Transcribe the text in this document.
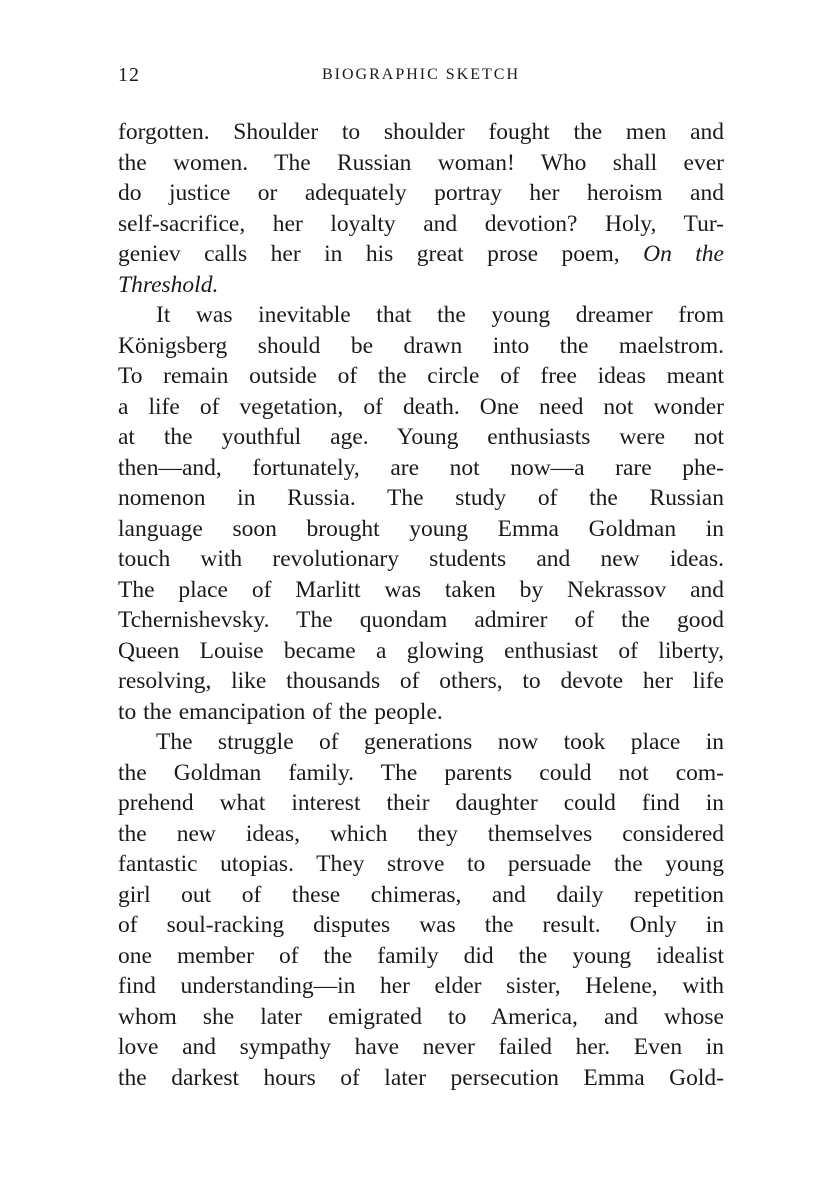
12	BIOGRAPHIC SKETCH
forgotten. Shoulder to shoulder fought the men and
the women. The Russian woman! Who shall ever
do justice or adequately portray her heroism and
self-sacrifice, her loyalty and devotion? Holy, Tur-
geniev calls her in his great prose poem, On the
Threshold.
It was inevitable that the young dreamer from
Königsberg should be drawn into the maelstrom.
To remain outside of the circle of free ideas meant
a life of vegetation, of death. One need not wonder
at the youthful age. Young enthusiasts were not
then—and, fortunately, are not now—a rare phe-
nomenon in Russia. The study of the Russian
language soon brought young Emma Goldman in
touch with revolutionary students and new ideas.
The place of Marlitt was taken by Nekrassov and
Tchernishevsky. The quondam admirer of the good
Queen Louise became a glowing enthusiast of liberty,
resolving, like thousands of others, to devote her life
to the emancipation of the people.
The struggle of generations now took place in
the Goldman family. The parents could not com-
prehend what interest their daughter could find in
the new ideas, which they themselves considered
fantastic utopias. They strove to persuade the young
girl out of these chimeras, and daily repetition
of soul-racking disputes was the result. Only in
one member of the family did the young idealist
find understanding—in her elder sister, Helene, with
whom she later emigrated to America, and whose
love and sympathy have never failed her. Even in
the darkest hours of later persecution Emma Gold-
